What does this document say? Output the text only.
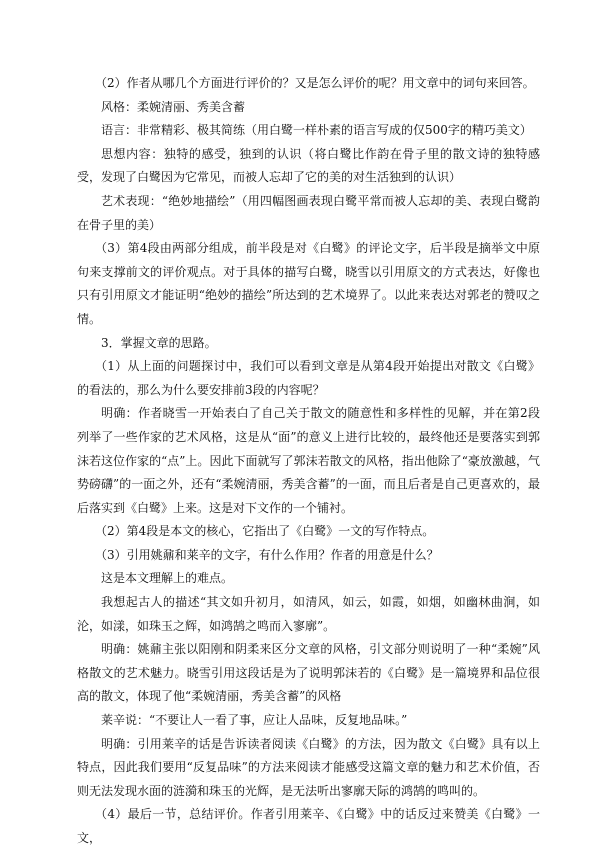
（2）作者从哪几个方面进行评价的？又是怎么评价的呢？用文章中的词句来回答。

风格：柔婉清丽、秀美含蓄

语言：非常精彩、极其简练（用白鹭一样朴素的语言写成的仅500字的精巧美文）

思想内容：独特的感受，独到的认识（将白鹭比作韵在骨子里的散文诗的独特感受，发现了白鹭因为它常见，而被人忘却了它的美的对生活独到的认识）

艺术表现：“绝妙地描绘”（用四幅图画表现白鹭平常而被人忘却的美、表现白鹭韵在骨子里的美）

（3）第4段由两部分组成，前半段是对《白鹭》的评论文字，后半段是摘举文中原句来支撑前文的评价观点。对于具体的描写白鹭，晓雪以引用原文的方式表达，好像也只有引用原文才能证明“绝妙的描绘”所达到的艺术境界了。以此来表达对郭老的赞叹之情。

3．掌握文章的思路。

（1）从上面的问题探讨中，我们可以看到文章是从第4段开始提出对散文《白鹭》的看法的，那么为什么要安排前3段的内容呢？

明确：作者晓雪一开始表白了自己关于散文的随意性和多样性的见解，并在第2段列举了一些作家的艺术风格，这是从“面”的意义上进行比较的，最终他还是要落实到郭沫若这位作家的“点”上。因此下面就写了郭沫若散文的风格，指出他除了“豪放激越，气势磅礴”的一面之外，还有“柔婉清丽，秀美含蓄”的一面，而且后者是自己更喜欢的，最后落实到《白鹭》上来。这是对下文作的一个铺衬。

（2）第4段是本文的核心，它指出了《白鹭》一文的写作特点。

（3）引用姚鼐和莱辛的文字，有什么作用？作者的用意是什么？

这是本文理解上的难点。

我想起古人的描述“其文如升初月，如清风，如云，如霞，如烟，如幽林曲涧，如沦，如漾，如珠玉之辉，如鸿鹄之鸣而入寥廓”。

明确：姚鼐主张以阳刚和阴柔来区分文章的风格，引文部分则说明了一种“柔婉”风格散文的艺术魅力。晓雪引用这段话是为了说明郭沫若的《白鹭》是一篇境界和品位很高的散文，体现了他“柔婉清丽，秀美含蓄”的风格

莱辛说：“不要让人一看了事，应让人品味，反复地品味。”

明确：引用莱辛的话是告诉读者阅读《白鹭》的方法，因为散文《白鹭》具有以上特点，因此我们要用“反复品味”的方法来阅读才能感受这篇文章的魅力和艺术价值，否则无法发现水面的涟漪和珠玉的光辉，是无法听出寥廓天际的鸿鹄的鸣叫的。

（4）最后一节，总结评价。作者引用莱辛、《白鹭》中的话反过来赞美《白鹭》一文，
